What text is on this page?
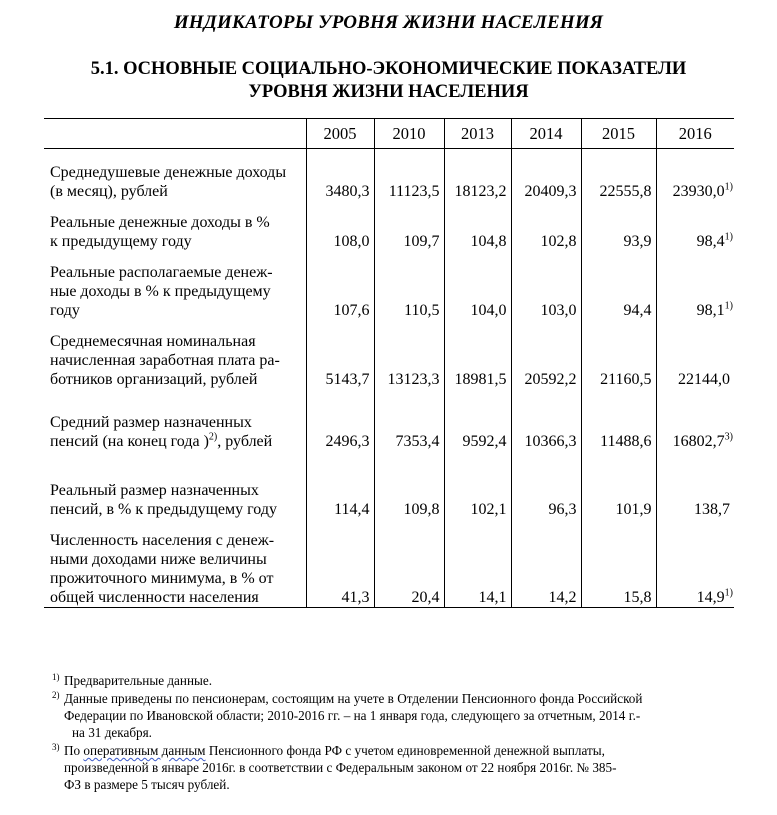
ИНДИКАТОРЫ УРОВНЯ ЖИЗНИ НАСЕЛЕНИЯ
5.1. ОСНОВНЫЕ СОЦИАЛЬНО-ЭКОНОМИЧЕСКИЕ ПОКАЗАТЕЛИ
УРОВНЯ ЖИЗНИ НАСЕЛЕНИЯ
	2005	2010	2013	2014	2015	2016

Среднедушевые денежные доходы
(в месяц), рублей	3480,3	11123,5	18123,2	20409,3	22555,8	23930,0$^{1)}$

Реальные денежные доходы в %
к предыдущему году	108,0	109,7	104,8	102,8	93,9	98,4$^{1)}$

Реальные располагаемые денеж-
ные доходы в % к предыдущему
году	107,6	110,5	104,0	103,0	94,4	98,1$^{1)}$

Среднемесячная номинальная
начисленная заработная плата ра-
ботников организаций, рублей	5143,7	13123,3	18981,5	20592,2	21160,5	22144,0

Средний размер назначенных
пенсий (на конец года )$^{2)}$, рублей	2496,3	7353,4	9592,4	10366,3	11488,6	16802,7$^{3)}$

Реальный размер назначенных
пенсий, в % к предыдущему году	114,4	109,8	102,1	96,3	101,9	138,7

Численность населения с денеж-
ными доходами ниже величины
прожиточного минимума, в % от
общей численности населения	41,3	20,4	14,1	14,2	15,8	14,9$^{1)}$
1) Предварительные данные.
2) Данные приведены по пенсионерам, состоящим на учете в Отделении Пенсионного фонда Российской
Федерации по Ивановской области; 2010-2016 гг. – на 1 января года, следующего за отчетным, 2014 г.-
на 31 декабря.
3) По оперативным данным Пенсионного фонда РФ с учетом единовременной денежной выплаты,
произведенной в январе 2016г. в соответствии с Федеральным законом от 22 ноября 2016г. № 385-
ФЗ в размере 5 тысяч рублей.
